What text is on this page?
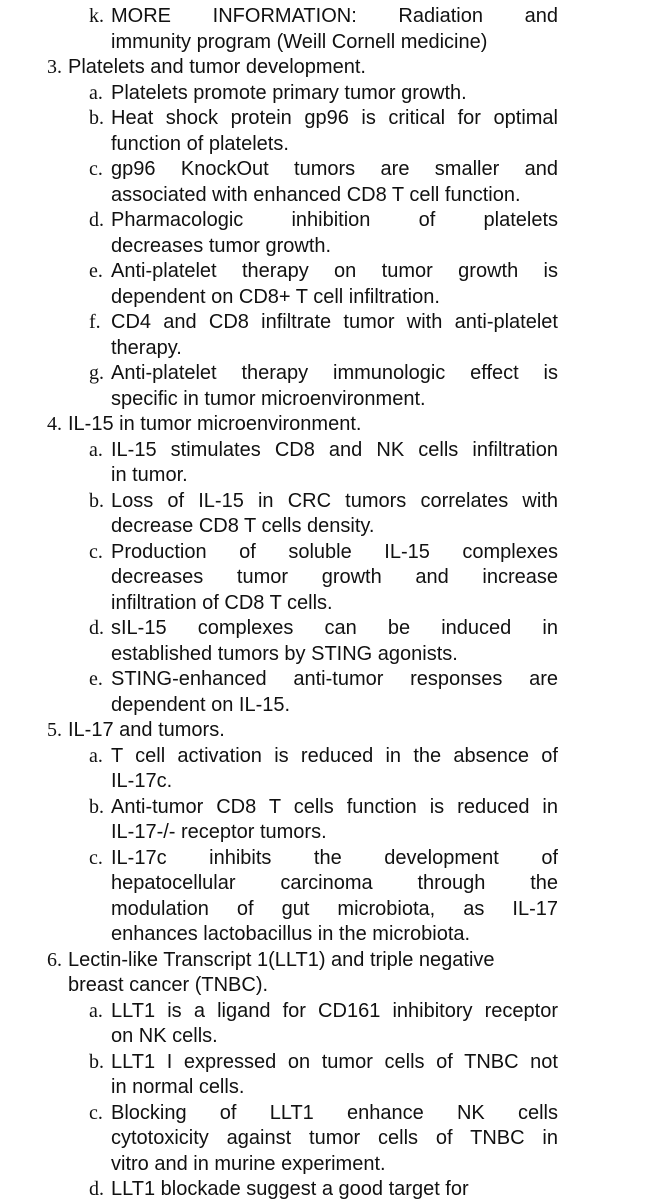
k. MORE INFORMATION: Radiation and
immunity program (Weill Cornell medicine)
3. Platelets and tumor development.
a. Platelets promote primary tumor growth.
b. Heat shock protein gp96 is critical for optimal
function of platelets.
c. gp96 KnockOut tumors are smaller and
associated with enhanced CD8 T cell function.
d. Pharmacologic inhibition of platelets
decreases tumor growth.
e. Anti-platelet therapy on tumor growth is
dependent on CD8+ T cell infiltration.
f. CD4 and CD8 infiltrate tumor with anti-platelet
therapy.
g. Anti-platelet therapy immunologic effect is
specific in tumor microenvironment.
4. IL-15 in tumor microenvironment.
a. IL-15 stimulates CD8 and NK cells infiltration
in tumor.
b. Loss of IL-15 in CRC tumors correlates with
decrease CD8 T cells density.
c. Production of soluble IL-15 complexes
decreases tumor growth and increase
infiltration of CD8 T cells.
d. sIL-15 complexes can be induced in
established tumors by STING agonists.
e. STING-enhanced anti-tumor responses are
dependent on IL-15.
5. IL-17 and tumors.
a. T cell activation is reduced in the absence of
IL-17c.
b. Anti-tumor CD8 T cells function is reduced in
IL-17-/- receptor tumors.
c. IL-17c inhibits the development of
hepatocellular carcinoma through the
modulation of gut microbiota, as IL-17
enhances lactobacillus in the microbiota.
6. Lectin-like Transcript 1(LLT1) and triple negative
breast cancer (TNBC).
a. LLT1 is a ligand for CD161 inhibitory receptor
on NK cells.
b. LLT1 I expressed on tumor cells of TNBC not
in normal cells.
c. Blocking of LLT1 enhance NK cells
cytotoxicity against tumor cells of TNBC in
vitro and in murine experiment.
d. LLT1 blockade suggest a good target for
